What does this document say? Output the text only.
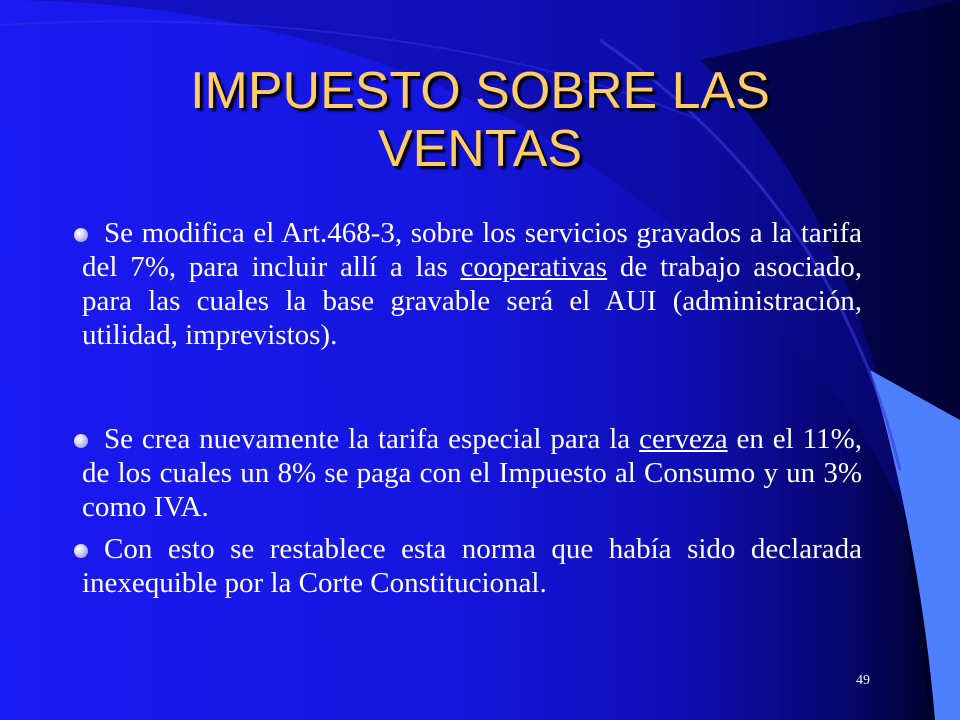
IMPUESTO SOBRE LAS VENTAS
Se modifica el Art.468-3, sobre los servicios gravados a la tarifa del 7%, para incluir allí a las cooperativas de trabajo asociado, para las cuales la base gravable será el AUI (administración, utilidad, imprevistos).
Se crea nuevamente la tarifa especial para la cerveza en el 11%, de los cuales un 8% se paga con el Impuesto al Consumo y un 3% como IVA.
Con esto se restablece esta norma que había sido declarada inexequible por la Corte Constitucional.
49
